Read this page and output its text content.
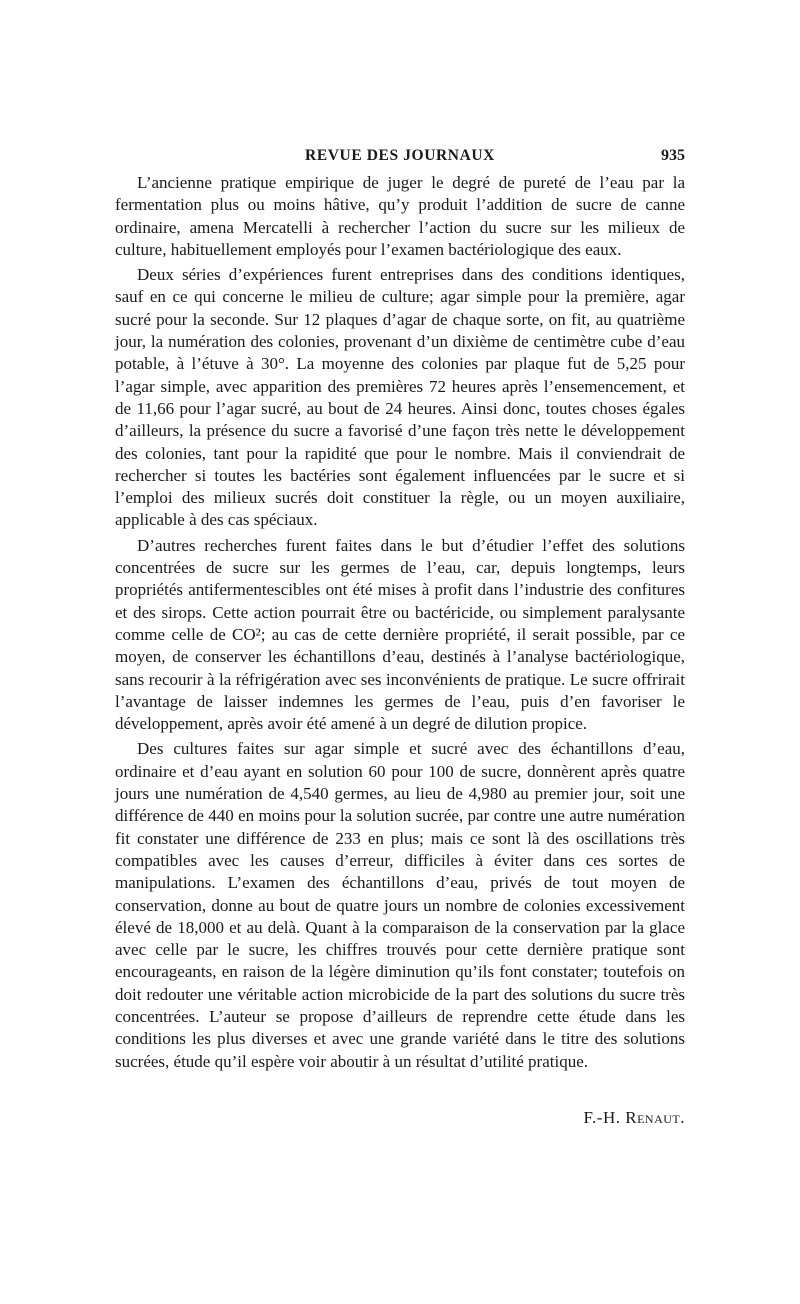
REVUE DES JOURNAUX	935

L’ancienne pratique empirique de juger le degré de pureté de l’eau par la fermentation plus ou moins hâtive, qu’y produit l’addition de sucre de canne ordinaire, amena Mercatelli à rechercher l’action du sucre sur les milieux de culture, habituellement employés pour l’examen bactériologique des eaux.

Deux séries d’expériences furent entreprises dans des conditions identiques, sauf en ce qui concerne le milieu de culture; agar simple pour la première, agar sucré pour la seconde. Sur 12 plaques d’agar de chaque sorte, on fit, au quatrième jour, la numération des colonies, provenant d’un dixième de centimètre cube d’eau potable, à l’étuve à 30°. La moyenne des colonies par plaque fut de 5,25 pour l’agar simple, avec apparition des premières 72 heures après l’ensemencement, et de 11,66 pour l’agar sucré, au bout de 24 heures. Ainsi donc, toutes choses égales d’ailleurs, la présence du sucre a favorisé d’une façon très nette le développement des colonies, tant pour la rapidité que pour le nombre. Mais il conviendrait de rechercher si toutes les bactéries sont également influencées par le sucre et si l’emploi des milieux sucrés doit constituer la règle, ou un moyen auxiliaire, applicable à des cas spéciaux.

D’autres recherches furent faites dans le but d’étudier l’effet des solutions concentrées de sucre sur les germes de l’eau, car, depuis longtemps, leurs propriétés antifermentescibles ont été mises à profit dans l’industrie des confitures et des sirops. Cette action pourrait être ou bactéricide, ou simplement paralysante comme celle de CO²; au cas de cette dernière propriété, il serait possible, par ce moyen, de conserver les échantillons d’eau, destinés à l’analyse bactériologique, sans recourir à la réfrigération avec ses inconvénients de pratique. Le sucre offrirait l’avantage de laisser indemnes les germes de l’eau, puis d’en favoriser le développement, après avoir été amené à un degré de dilution propice.

Des cultures faites sur agar simple et sucré avec des échantillons d’eau, ordinaire et d’eau ayant en solution 60 pour 100 de sucre, donnèrent après quatre jours une numération de 4,540 germes, au lieu de 4,980 au premier jour, soit une différence de 440 en moins pour la solution sucrée, par contre une autre numération fit constater une différence de 233 en plus; mais ce sont là des oscillations très compatibles avec les causes d’erreur, difficiles à éviter dans ces sortes de manipulations. L’examen des échantillons d’eau, privés de tout moyen de conservation, donne au bout de quatre jours un nombre de colonies excessivement élevé de 18,000 et au delà. Quant à la comparaison de la conservation par la glace avec celle par le sucre, les chiffres trouvés pour cette dernière pratique sont encourageants, en raison de la légère diminution qu’ils font constater; toutefois on doit redouter une véritable action microbicide de la part des solutions du sucre très concentrées. L’auteur se propose d’ailleurs de reprendre cette étude dans les conditions les plus diverses et avec une grande variété dans le titre des solutions sucrées, étude qu’il espère voir aboutir à un résultat d’utilité pratique.

F.-H. Renaut.
